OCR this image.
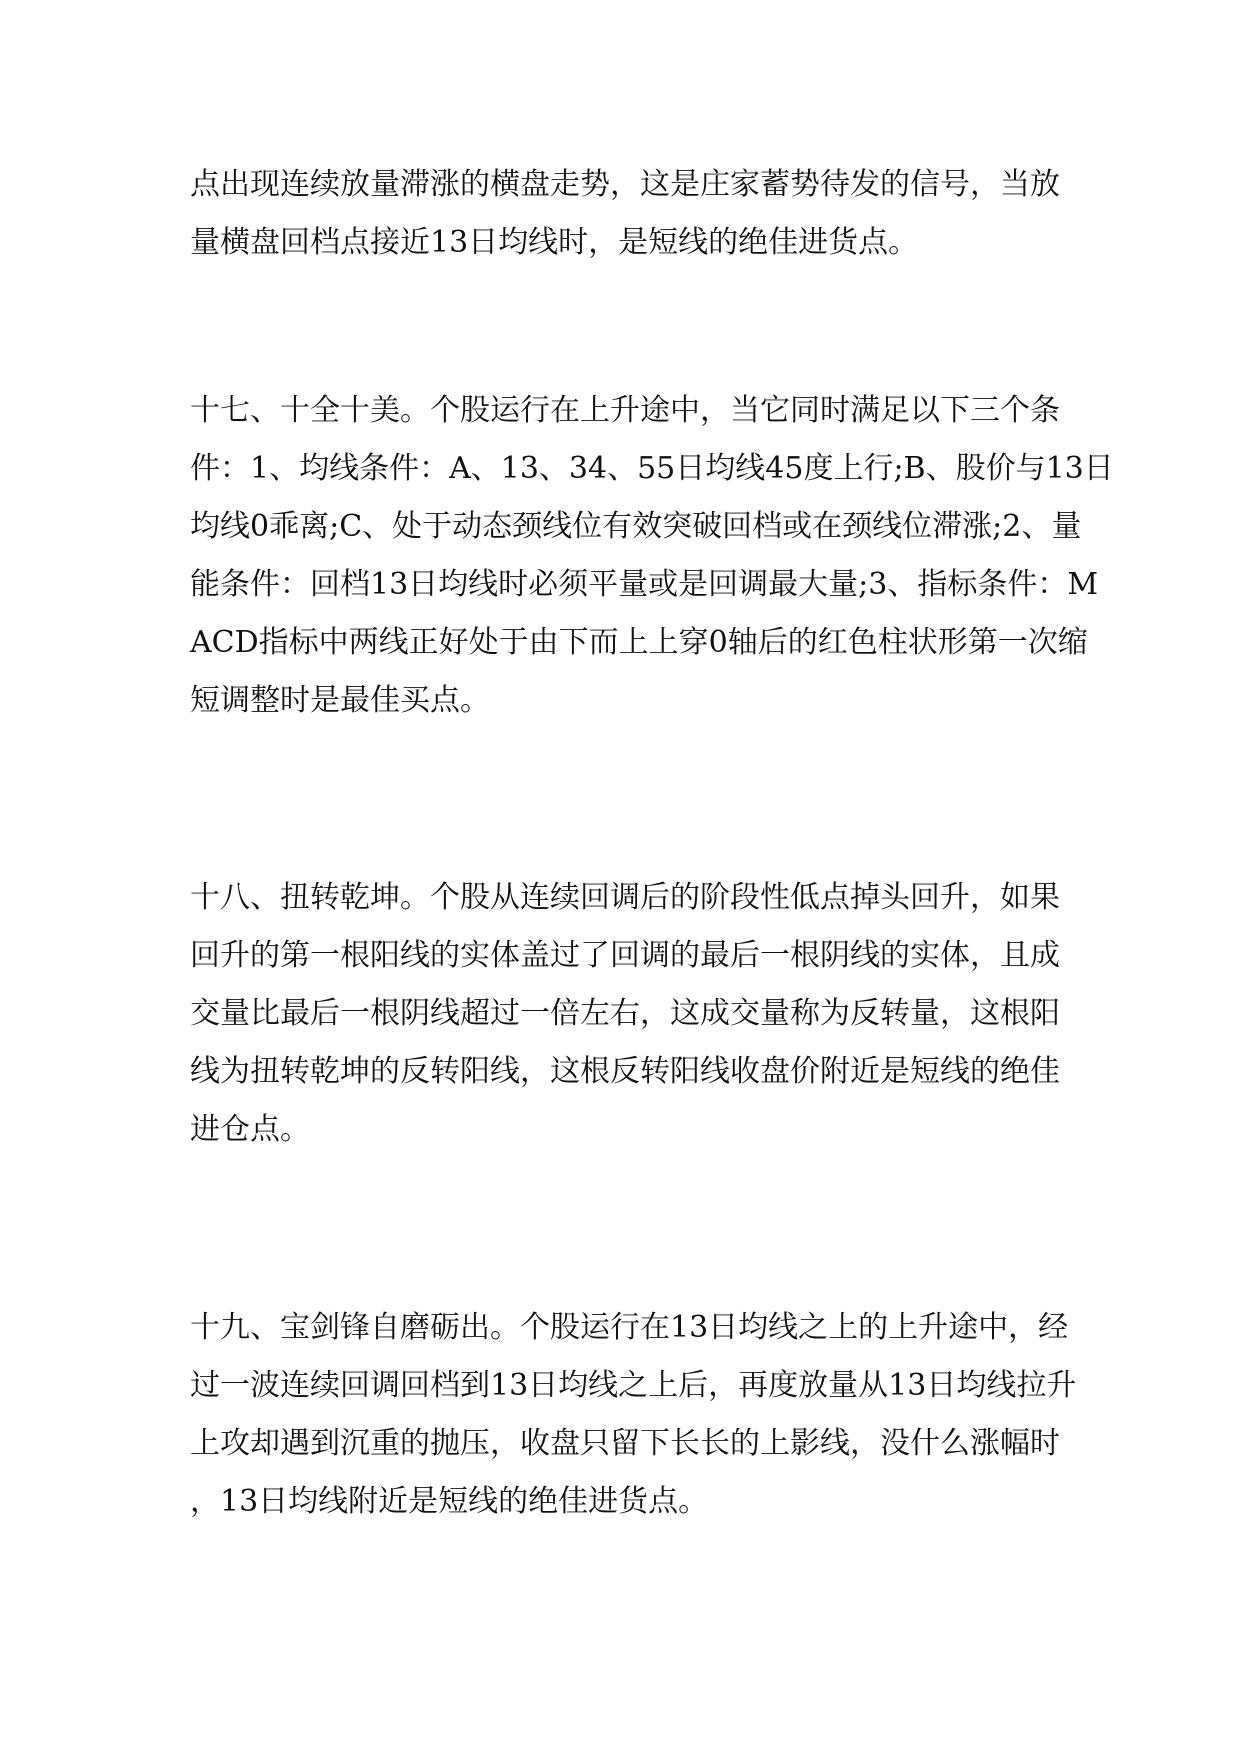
点出现连续放量滞涨的横盘走势，这是庄家蓄势待发的信号，当放
量横盘回档点接近13日均线时，是短线的绝佳进货点。
十七、十全十美。个股运行在上升途中，当它同时满足以下三个条
件：1、均线条件：A、13、34、55日均线45度上行;B、股价与13日
均线0乖离;C、处于动态颈线位有效突破回档或在颈线位滞涨;2、量
能条件：回档13日均线时必须平量或是回调最大量;3、指标条件：M
ACD指标中两线正好处于由下而上上穿0轴后的红色柱状形第一次缩
短调整时是最佳买点。
十八、扭转乾坤。个股从连续回调后的阶段性低点掉头回升，如果
回升的第一根阳线的实体盖过了回调的最后一根阴线的实体，且成
交量比最后一根阴线超过一倍左右，这成交量称为反转量，这根阳
线为扭转乾坤的反转阳线，这根反转阳线收盘价附近是短线的绝佳
进仓点。
十九、宝剑锋自磨砺出。个股运行在13日均线之上的上升途中，经
过一波连续回调回档到13日均线之上后，再度放量从13日均线拉升
上攻却遇到沉重的抛压，收盘只留下长长的上影线，没什么涨幅时
，13日均线附近是短线的绝佳进货点。
